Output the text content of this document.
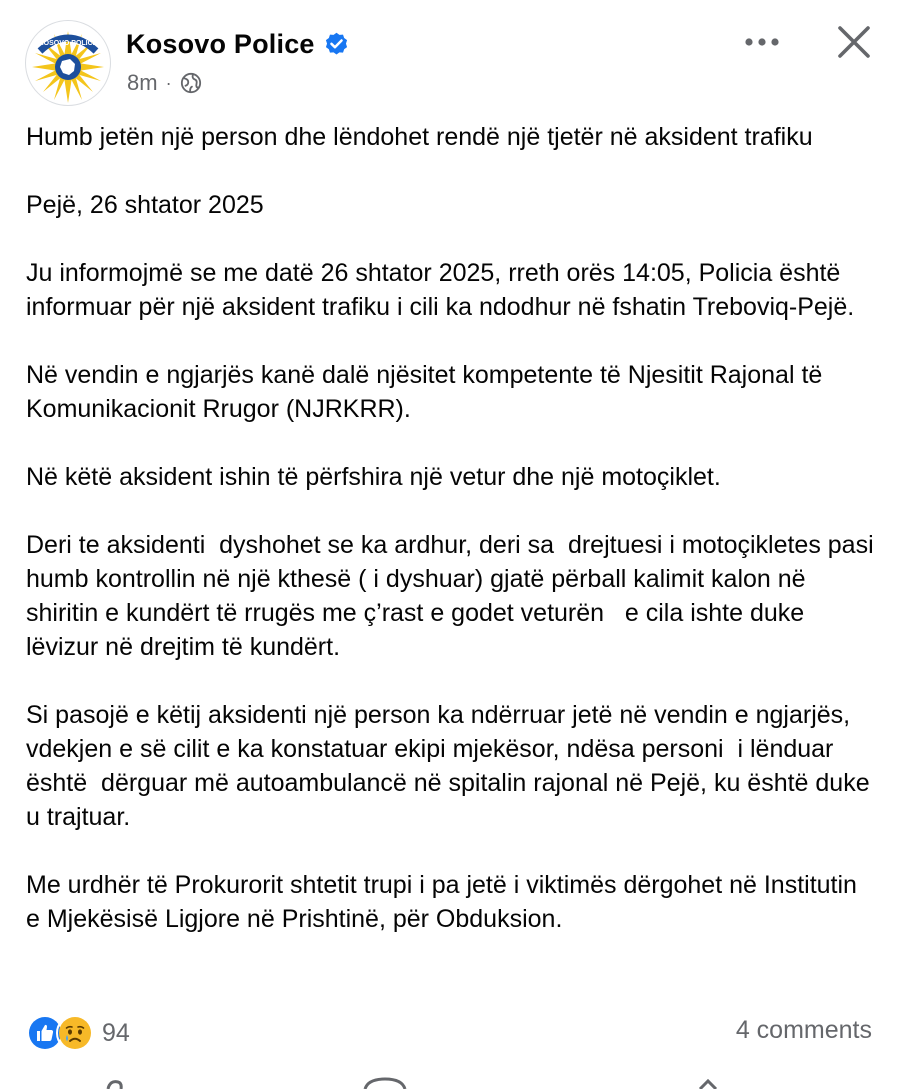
KOSOVO POLICE Kosovo Police
8m ·

Humb jetën një person dhe lëndohet rendë një tjetër në aksident trafiku

Pejë, 26 shtator 2025

Ju informojmë se me datë 26 shtator 2025, rreth orës 14:05, Policia është informuar për një aksident trafiku i cili ka ndodhur në fshatin Treboviq-Pejë.

Në vendin e ngjarjës kanë dalë njësitet kompetente të Njesitit Rajonal të Komunikacionit Rrugor (NJRKRR).

Në këtë aksident ishin të përfshira një vetur dhe një motoçiklet.

Deri te aksidenti  dyshohet se ka ardhur, deri sa  drejtuesi i motoçikletes pasi humb kontrollin në një kthesë ( i dyshuar) gjatë përball kalimit kalon në shiritin e kundërt të rrugës me ç’rast e godet veturën   e cila ishte duke lëvizur në drejtim të kundërt.

Si pasojë e këtij aksidenti një person ka ndërruar jetë në vendin e ngjarjës, vdekjen e së cilit e ka konstatuar ekipi mjekësor, ndësa personi  i lënduar është  dërguar më autoambulancë në spitalin rajonal në Pejë, ku është duke u trajtuar.

Me urdhër të Prokurorit shtetit trupi i pa jetë i viktimës dërgohet në Institutin e Mjekësisë Ligjore në Prishtinë, për Obduksion.

94	4 comments
